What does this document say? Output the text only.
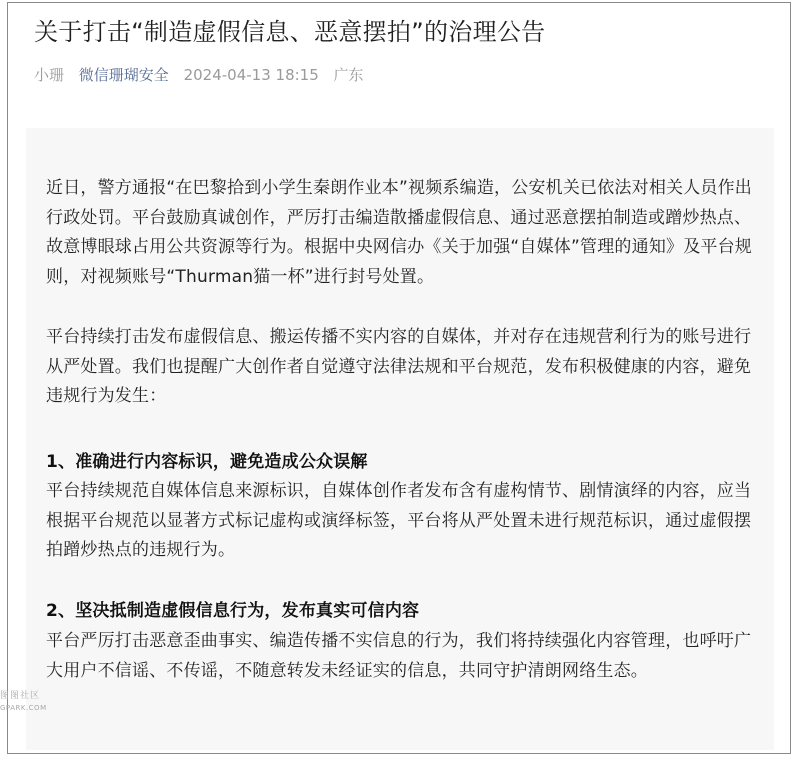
关于打击“制造虚假信息、恶意摆拍”的治理公告
小珊 微信珊瑚安全 2024-04-13 18:15 广东
近日，警方通报“在巴黎拾到小学生秦朗作业本”视频系编造，公安机关已依法对相关人员作出行政处罚。平台鼓励真诚创作，严厉打击编造散播虚假信息、通过恶意摆拍制造或蹭炒热点、故意博眼球占用公共资源等行为。根据中央网信办《关于加强“自媒体”管理的通知》及平台规则，对视频账号“Thurman猫一杯”进行封号处置。
平台持续打击发布虚假信息、搬运传播不实内容的自媒体，并对存在违规营利行为的账号进行从严处置。我们也提醒广大创作者自觉遵守法律法规和平台规范，发布积极健康的内容，避免违规行为发生：
1、准确进行内容标识，避免造成公众误解
平台持续规范自媒体信息来源标识，自媒体创作者发布含有虚构情节、剧情演绎的内容，应当根据平台规范以显著方式标记虚构或演绎标签，平台将从严处置未进行规范标识，通过虚假摆拍蹭炒热点的违规行为。
2、坚决抵制造虚假信息行为，发布真实可信内容
平台严厉打击恶意歪曲事实、编造传播不实信息的行为，我们将持续强化内容管理，也呼吁广大用户不信谣、不传谣，不随意转发未经证实的信息，共同守护清朗网络生态。
图图社区
GPARK.COM
